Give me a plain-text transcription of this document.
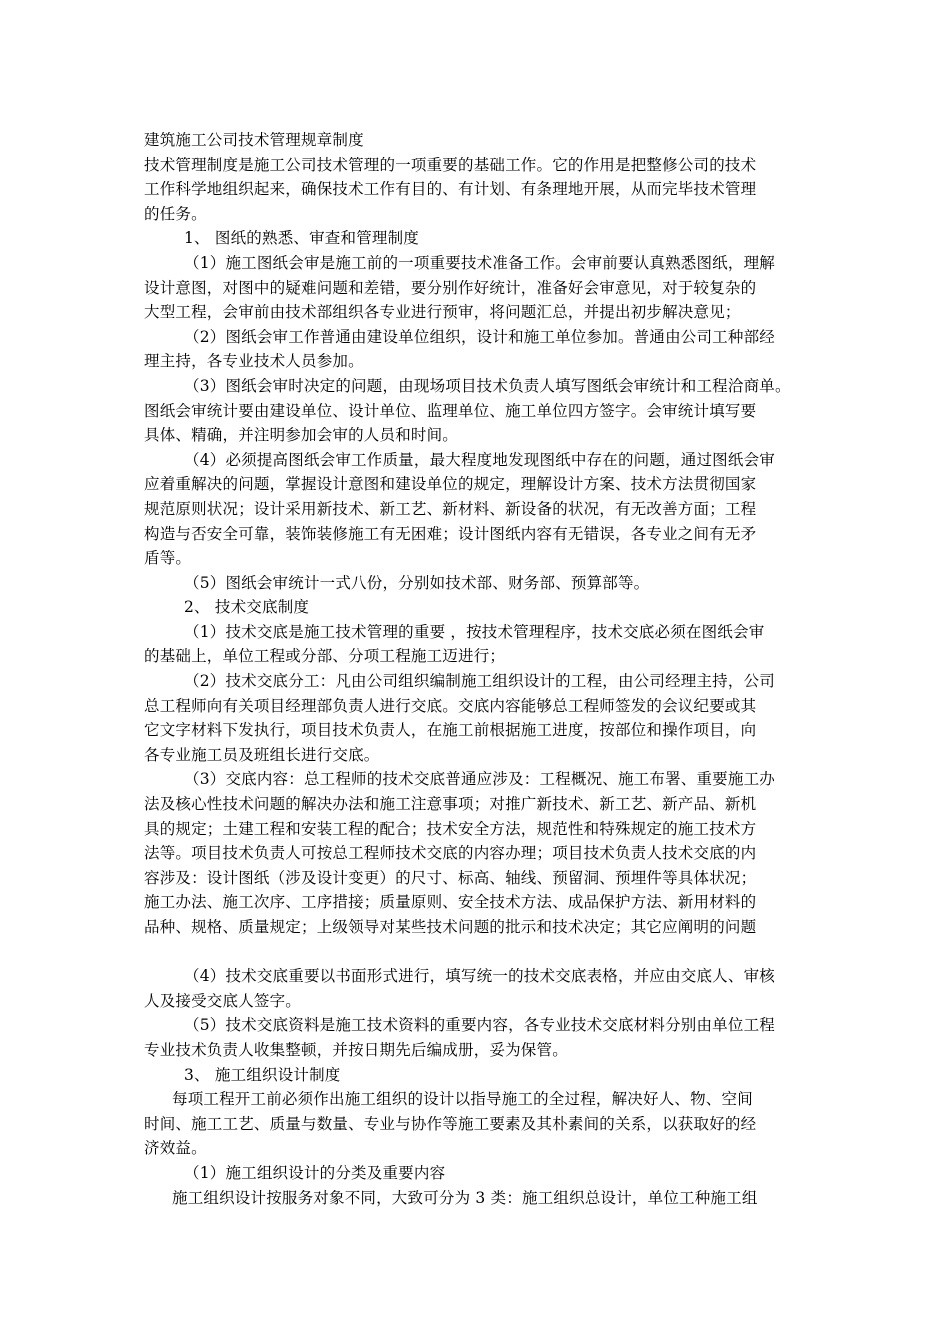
建筑施工公司技术管理规章制度
技术管理制度是施工公司技术管理的一项重要的基础工作。它的作用是把整修公司的技术
工作科学地组织起来，确保技术工作有目的、有计划、有条理地开展，从而完毕技术管理
的任务。
1、 图纸的熟悉、审查和管理制度
（1）施工图纸会审是施工前的一项重要技术准备工作。会审前要认真熟悉图纸，理解
设计意图，对图中的疑难问题和差错，要分别作好统计，准备好会审意见，对于较复杂的
大型工程，会审前由技术部组织各专业进行预审，将问题汇总，并提出初步解决意见；
（2）图纸会审工作普通由建设单位组织，设计和施工单位参加。普通由公司工种部经
理主持，各专业技术人员参加。
（3）图纸会审时决定的问题，由现场项目技术负责人填写图纸会审统计和工程洽商单。
图纸会审统计要由建设单位、设计单位、监理单位、施工单位四方签字。会审统计填写要
具体、精确，并注明参加会审的人员和时间。
（4）必须提高图纸会审工作质量，最大程度地发现图纸中存在的问题，通过图纸会审
应着重解决的问题，掌握设计意图和建设单位的规定，理解设计方案、技术方法贯彻国家
规范原则状况；设计采用新技术、新工艺、新材料、新设备的状况，有无改善方面；工程
构造与否安全可靠，装饰装修施工有无困难；设计图纸内容有无错误，各专业之间有无矛
盾等。
（5）图纸会审统计一式八份，分别如技术部、财务部、预算部等。
2、 技术交底制度
（1）技术交底是施工技术管理的重要 ，按技术管理程序，技术交底必须在图纸会审
的基础上，单位工程或分部、分项工程施工迈进行；
（2）技术交底分工：凡由公司组织编制施工组织设计的工程，由公司经理主持，公司
总工程师向有关项目经理部负责人进行交底。交底内容能够总工程师签发的会议纪要或其
它文字材料下发执行，项目技术负责人，在施工前根据施工进度，按部位和操作项目，向
各专业施工员及班组长进行交底。
（3）交底内容：总工程师的技术交底普通应涉及：工程概况、施工布署、重要施工办
法及核心性技术问题的解决办法和施工注意事项；对推广新技术、新工艺、新产品、新机
具的规定；土建工程和安装工程的配合；技术安全方法，规范性和特殊规定的施工技术方
法等。项目技术负责人可按总工程师技术交底的内容办理；项目技术负责人技术交底的内
容涉及：设计图纸（涉及设计变更）的尺寸、标高、轴线、预留洞、预埋件等具体状况；
施工办法、施工次序、工序措接；质量原则、安全技术方法、成品保护方法、新用材料的
品种、规格、质量规定；上级领导对某些技术问题的批示和技术决定；其它应阐明的问题
（4）技术交底重要以书面形式进行，填写统一的技术交底表格，并应由交底人、审核
人及接受交底人签字。
（5）技术交底资料是施工技术资料的重要内容，各专业技术交底材料分别由单位工程
专业技术负责人收集整顿，并按日期先后编成册，妥为保管。
3、 施工组织设计制度
每项工程开工前必须作出施工组织的设计以指导施工的全过程，解决好人、物、空间
时间、施工工艺、质量与数量、专业与协作等施工要素及其朴素间的关系，以获取好的经
济效益。
（1）施工组织设计的分类及重要内容
施工组织设计按服务对象不同，大致可分为 3 类：施工组织总设计，单位工种施工组
